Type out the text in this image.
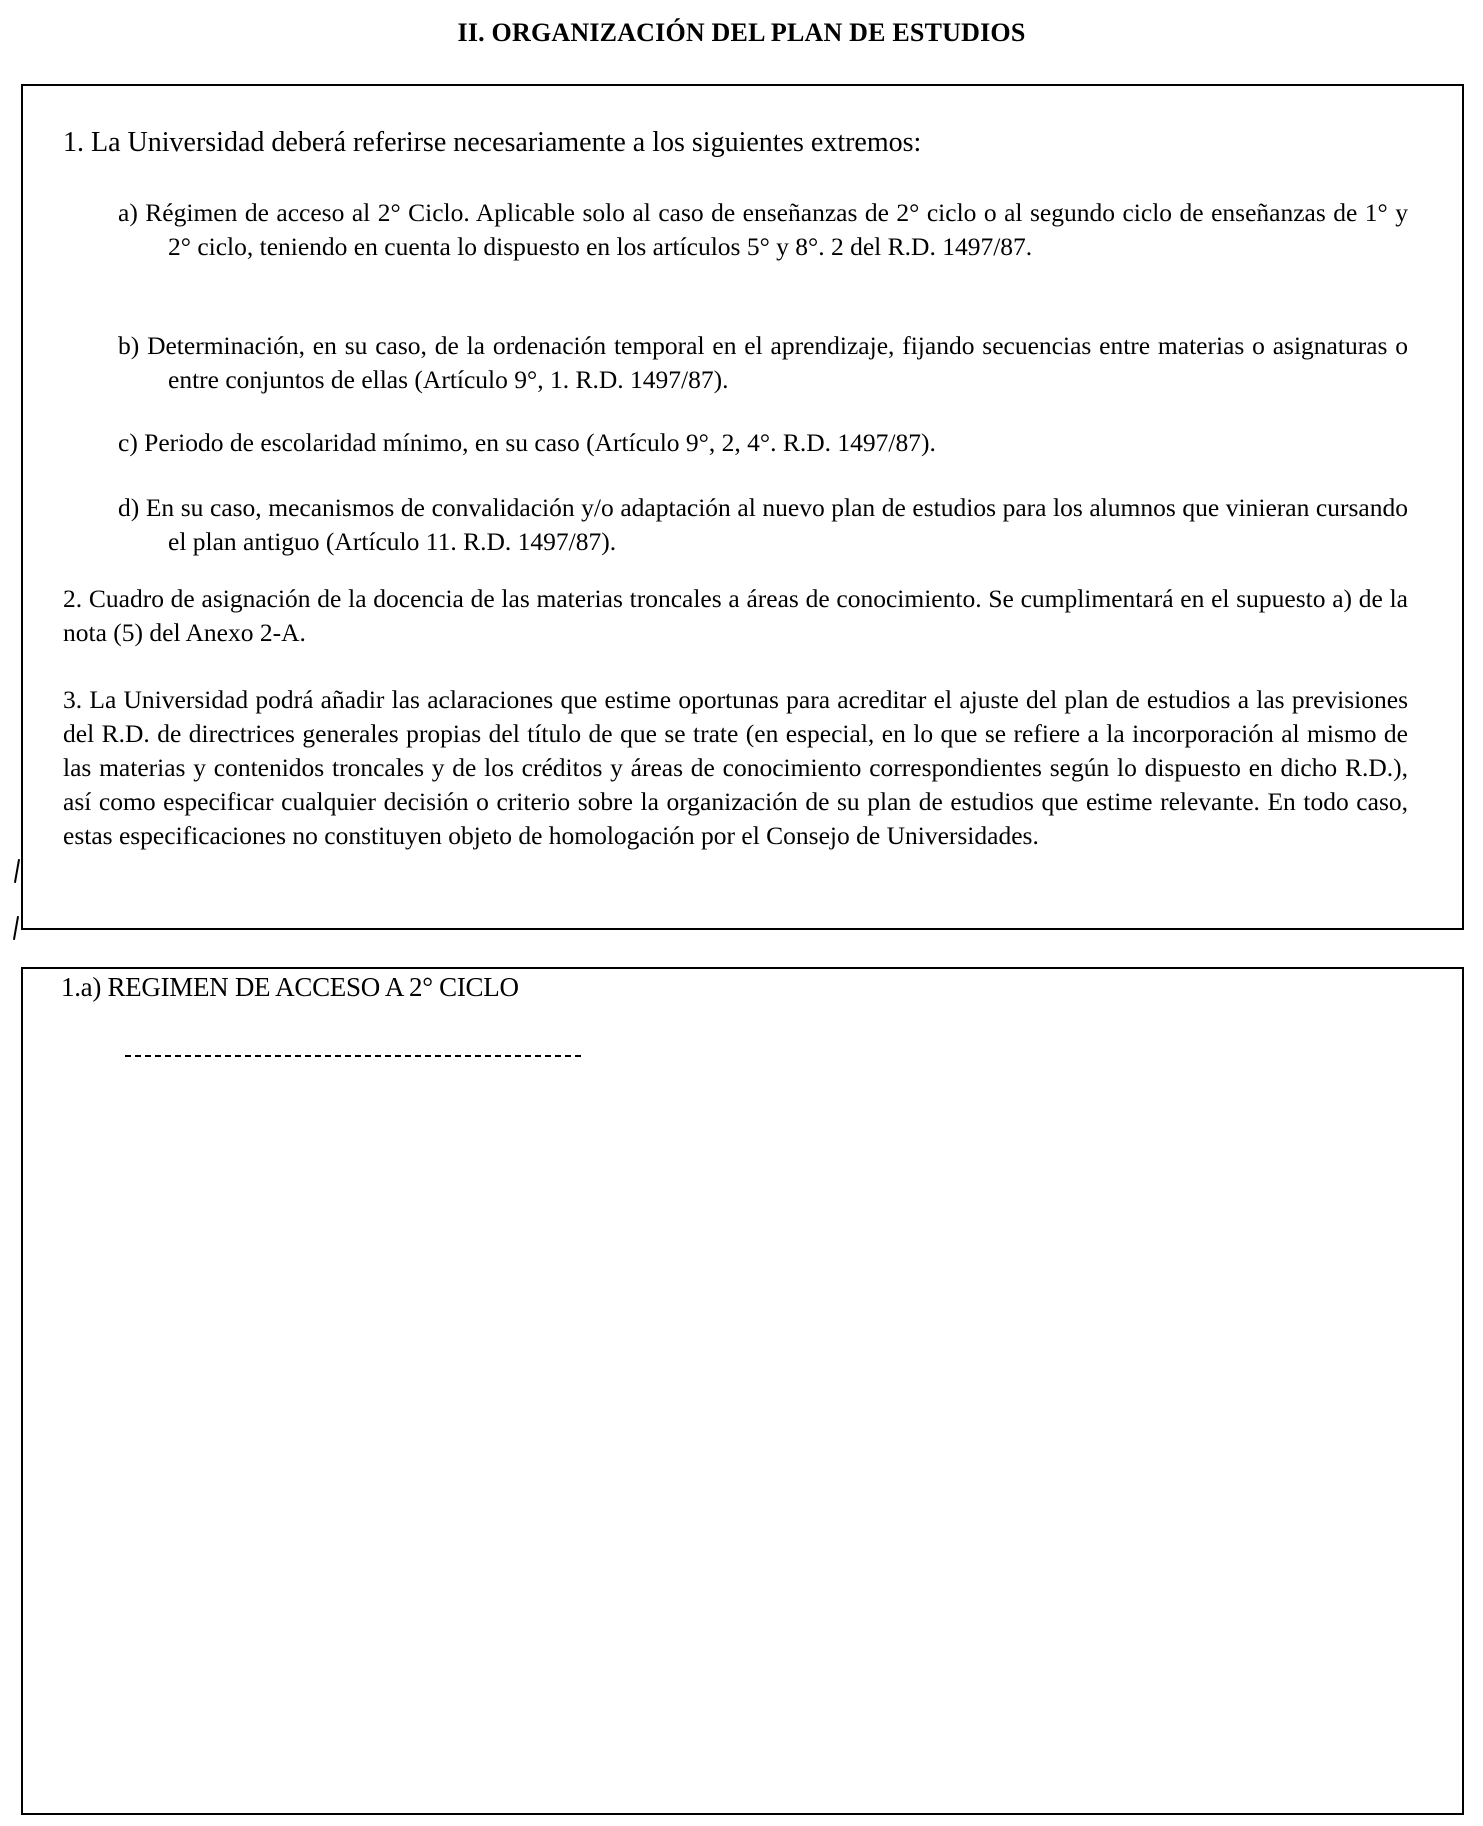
II. ORGANIZACIÓN DEL PLAN DE ESTUDIOS

1. La Universidad deberá referirse necesariamente a los siguientes extremos:

a) Régimen de acceso al 2° Ciclo. Aplicable solo al caso de enseñanzas de 2° ciclo o al segundo ciclo de enseñanzas de 1° y 2° ciclo, teniendo en cuenta lo dispuesto en los artículos 5° y 8°. 2 del R.D. 1497/87.

b) Determinación, en su caso, de la ordenación temporal en el aprendizaje, fijando secuencias entre materias o asignaturas o entre conjuntos de ellas (Artículo 9°, 1. R.D. 1497/87).

c) Periodo de escolaridad mínimo, en su caso (Artículo 9°, 2, 4°. R.D. 1497/87).

d) En su caso, mecanismos de convalidación y/o adaptación al nuevo plan de estudios para los alumnos que vinieran cursando el plan antiguo (Artículo 11. R.D. 1497/87).

2. Cuadro de asignación de la docencia de las materias troncales a áreas de conocimiento. Se cumplimentará en el supuesto a) de la nota (5) del Anexo 2-A.

3. La Universidad podrá añadir las aclaraciones que estime oportunas para acreditar el ajuste del plan de estudios a las previsiones del R.D. de directrices generales propias del título de que se trate (en especial, en lo que se refiere a la incorporación al mismo de las materias y contenidos troncales y de los créditos y áreas de conocimiento correspondientes según lo dispuesto en dicho R.D.), así como especificar cualquier decisión o criterio sobre la organización de su plan de estudios que estime relevante. En todo caso, estas especificaciones no constituyen objeto de homologación por el Consejo de Universidades.

1.a) REGIMEN DE ACCESO A 2° CICLO
